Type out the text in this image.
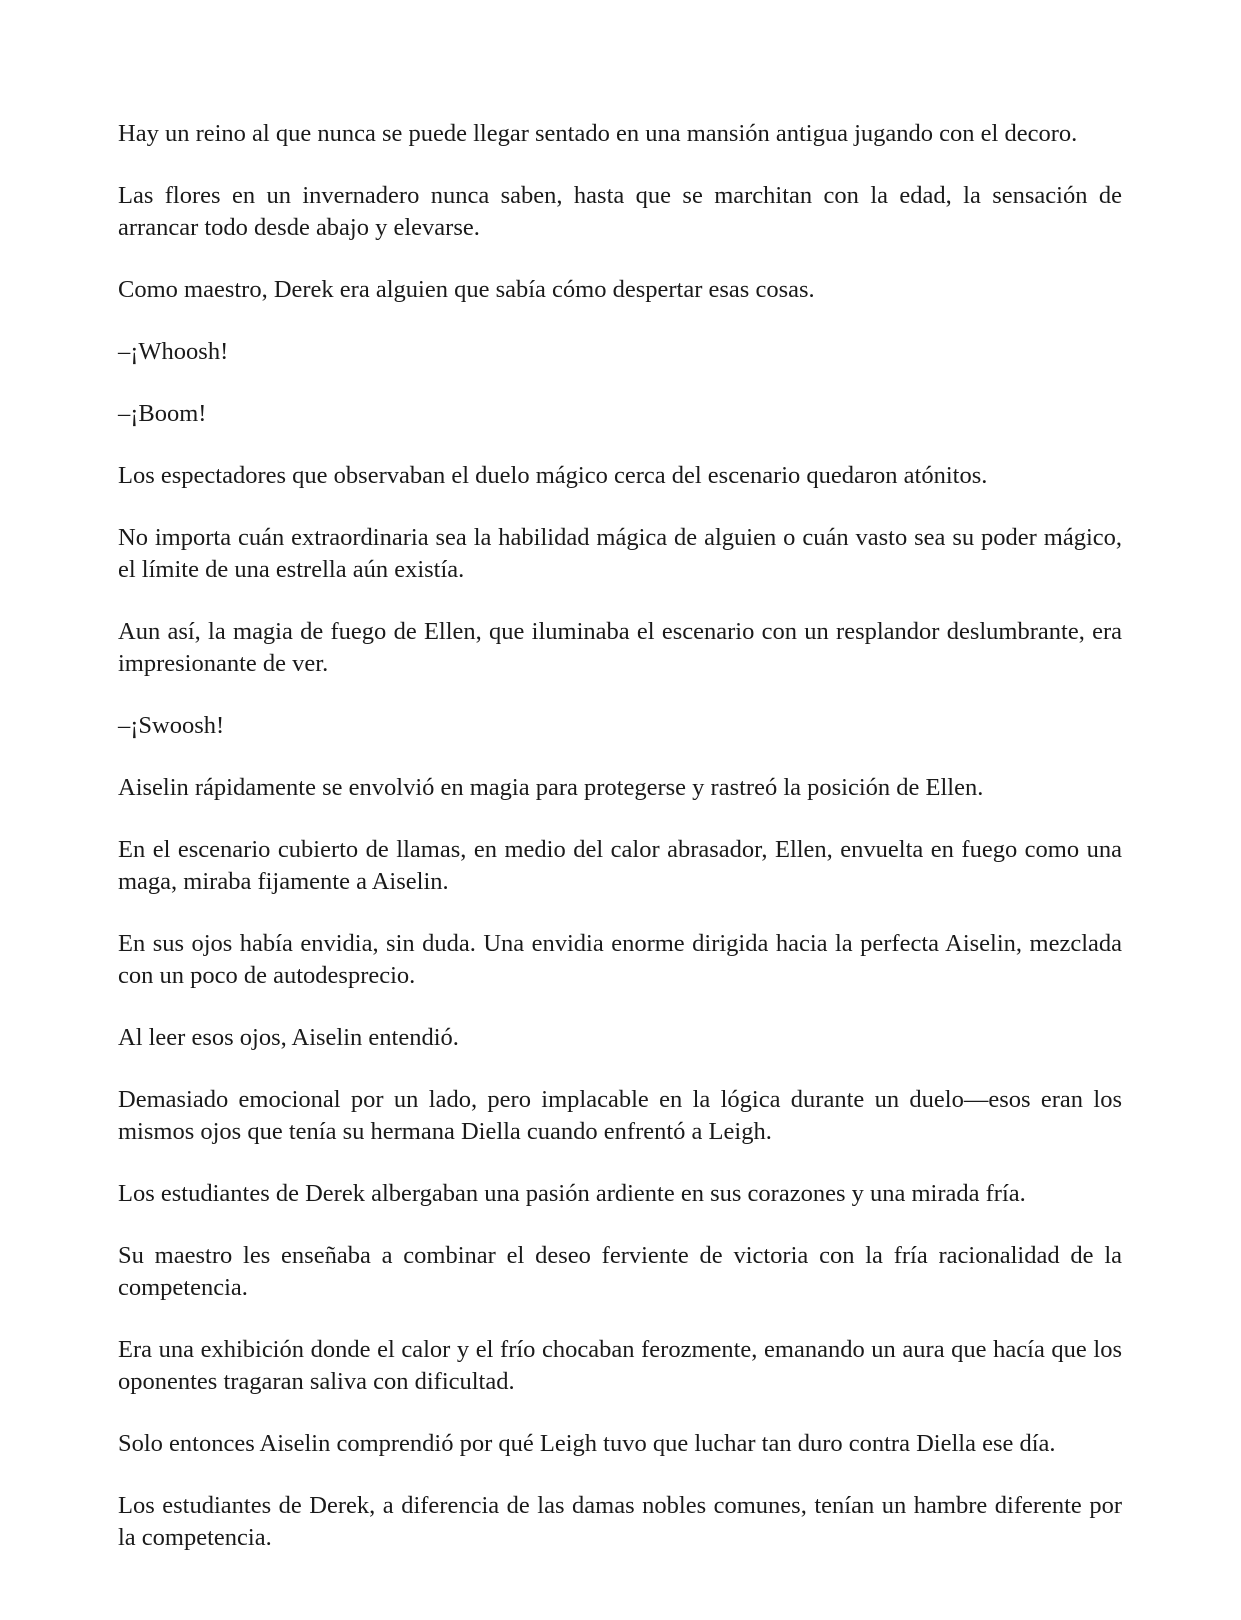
Hay un reino al que nunca se puede llegar sentado en una mansión antigua jugando con el decoro.

Las flores en un invernadero nunca saben, hasta que se marchitan con la edad, la sensación de arrancar todo desde abajo y elevarse.

Como maestro, Derek era alguien que sabía cómo despertar esas cosas.

–¡Whoosh!

–¡Boom!

Los espectadores que observaban el duelo mágico cerca del escenario quedaron atónitos.

No importa cuán extraordinaria sea la habilidad mágica de alguien o cuán vasto sea su poder mágico, el límite de una estrella aún existía.

Aun así, la magia de fuego de Ellen, que iluminaba el escenario con un resplandor deslumbrante, era impresionante de ver.

–¡Swoosh!

Aiselin rápidamente se envolvió en magia para protegerse y rastreó la posición de Ellen.

En el escenario cubierto de llamas, en medio del calor abrasador, Ellen, envuelta en fuego como una maga, miraba fijamente a Aiselin.

En sus ojos había envidia, sin duda. Una envidia enorme dirigida hacia la perfecta Aiselin, mezclada con un poco de autodesprecio.

Al leer esos ojos, Aiselin entendió.

Demasiado emocional por un lado, pero implacable en la lógica durante un duelo—esos eran los mismos ojos que tenía su hermana Diella cuando enfrentó a Leigh.

Los estudiantes de Derek albergaban una pasión ardiente en sus corazones y una mirada fría.

Su maestro les enseñaba a combinar el deseo ferviente de victoria con la fría racionalidad de la competencia.

Era una exhibición donde el calor y el frío chocaban ferozmente, emanando un aura que hacía que los oponentes tragaran saliva con dificultad.

Solo entonces Aiselin comprendió por qué Leigh tuvo que luchar tan duro contra Diella ese día.

Los estudiantes de Derek, a diferencia de las damas nobles comunes, tenían un hambre diferente por la competencia.
